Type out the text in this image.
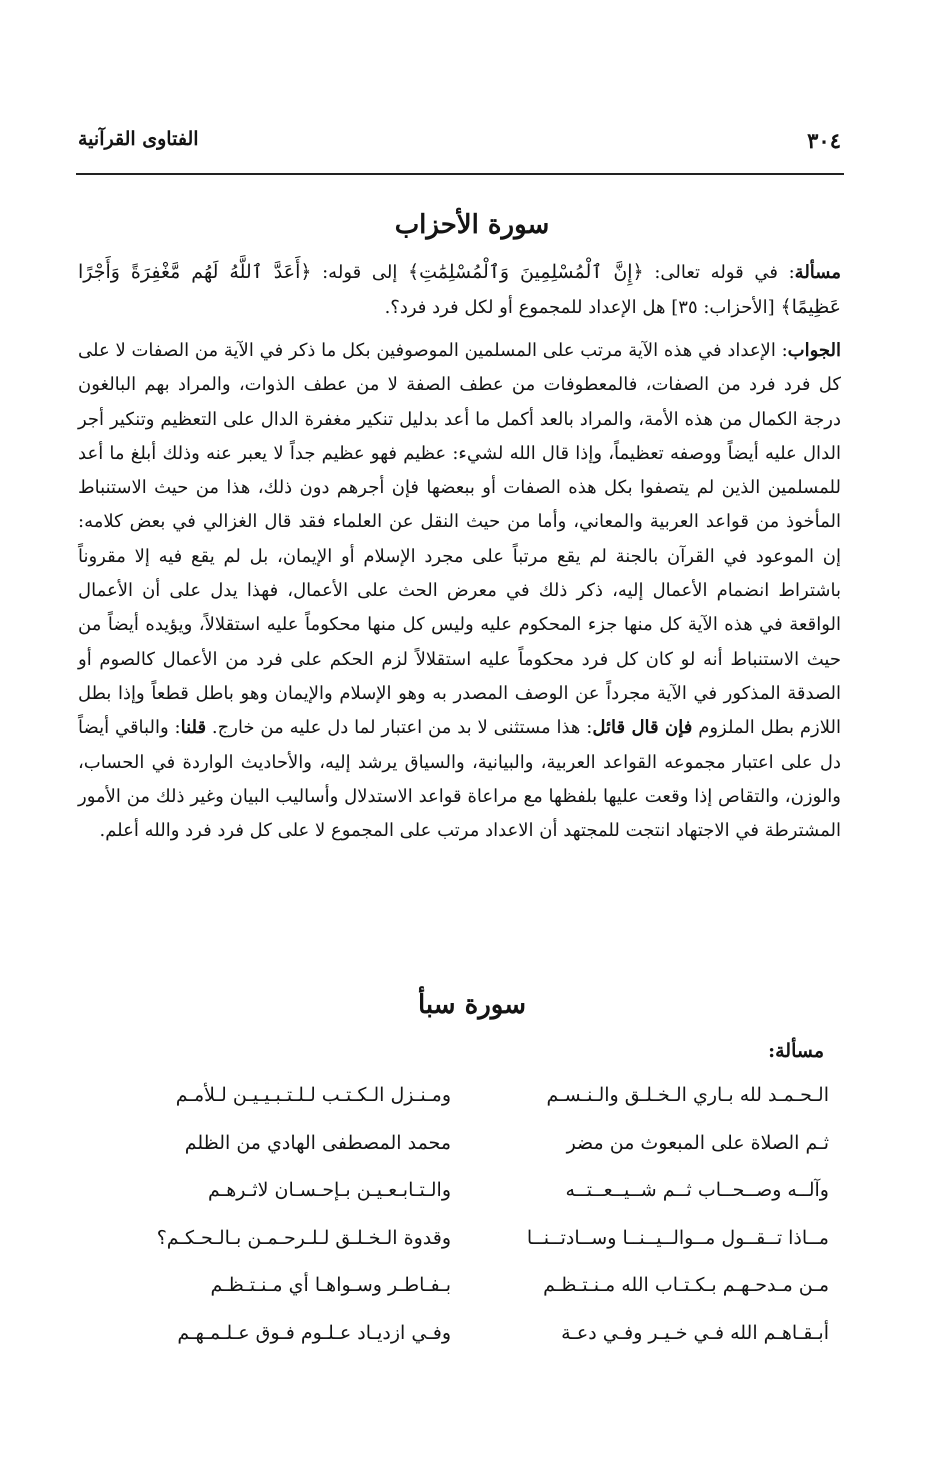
٣٠٤
الفتاوى القرآنية
سورة الأحزاب

مسألة: في قوله تعالى: ﴿إِنَّ ٱلْمُسْلِمِينَ وَٱلْمُسْلِمَٰتِ﴾ إلى قوله: ﴿أَعَدَّ ٱللَّهُ لَهُم مَّغْفِرَةً وَأَجْرًا عَظِيمًا﴾ [الأحزاب: ٣٥] هل الإعداد للمجموع أو لكل فرد فرد؟.

الجواب: الإعداد في هذه الآية مرتب على المسلمين الموصوفين بكل ما ذكر في الآية من الصفات لا على كل فرد فرد من الصفات، فالمعطوفات من عطف الصفة لا من عطف الذوات، والمراد بهم البالغون درجة الكمال من هذه الأمة، والمراد بالعد أكمل ما أعد بدليل تنكير مغفرة الدال على التعظيم وتنكير أجر الدال عليه أيضاً ووصفه تعظيماً، وإذا قال الله لشيء: عظيم فهو عظيم جداً لا يعبر عنه وذلك أبلغ ما أعد للمسلمين الذين لم يتصفوا بكل هذه الصفات أو ببعضها فإن أجرهم دون ذلك، هذا من حيث الاستنباط المأخوذ من قواعد العربية والمعاني، وأما من حيث النقل عن العلماء فقد قال الغزالي في بعض كلامه: إن الموعود في القرآن بالجنة لم يقع مرتباً على مجرد الإسلام أو الإيمان، بل لم يقع فيه إلا مقروناً باشتراط انضمام الأعمال إليه، ذكر ذلك في معرض الحث على الأعمال، فهذا يدل على أن الأعمال الواقعة في هذه الآية كل منها جزء المحكوم عليه وليس كل منها محكوماً عليه استقلالاً، ويؤيده أيضاً من حيث الاستنباط أنه لو كان كل فرد محكوماً عليه استقلالاً لزم الحكم على فرد من الأعمال كالصوم أو الصدقة المذكور في الآية مجرداً عن الوصف المصدر به وهو الإسلام والإيمان وهو باطل قطعاً وإذا بطل اللازم بطل الملزوم فإن قال قائل: هذا مستثنى لا بد من اعتبار لما دل عليه من خارج. قلنا: والباقي أيضاً دل على اعتبار مجموعه القواعد العربية، والبيانية، والسياق يرشد إليه، والأحاديث الواردة في الحساب، والوزن، والتقاص إذا وقعت عليها بلفظها مع مراعاة قواعد الاستدلال وأساليب البيان وغير ذلك من الأمور المشترطة في الاجتهاد انتجت للمجتهد أن الاعداد مرتب على المجموع لا على كل فرد فرد والله أعلم.

سورة سبأ
مسألة:
الـحـمـد لله بـاري الـخـلـق والـنـسـم
ومـنـزل الـكـتـب لـلـتـبـيـيـن لـلأمـم
ثـم الصلاة على المبعوث من مضر
محمد المصطفى الهادي من الظلم
وآلــه وصــحــاب ثــم شــيــعــتــه
والـتـابـعـيـن بـإحـسـان لاثـرهـم
مــاذا تــقــول مــوالــيــنــا وســادتــنــا
وقدوة الـخـلـق لـلـرحـمـن بـالـحـكـم؟
مـن مـدحـهـم بـكـتـاب الله مـنـتـظـم
بـفـاطـر وسـواهـا أي مـنـتـظـم
أبـقـاهـم الله فـي خـيـر وفـي دعـة
وفـي ازديـاد عـلـوم فـوق عـلـمـهـم
